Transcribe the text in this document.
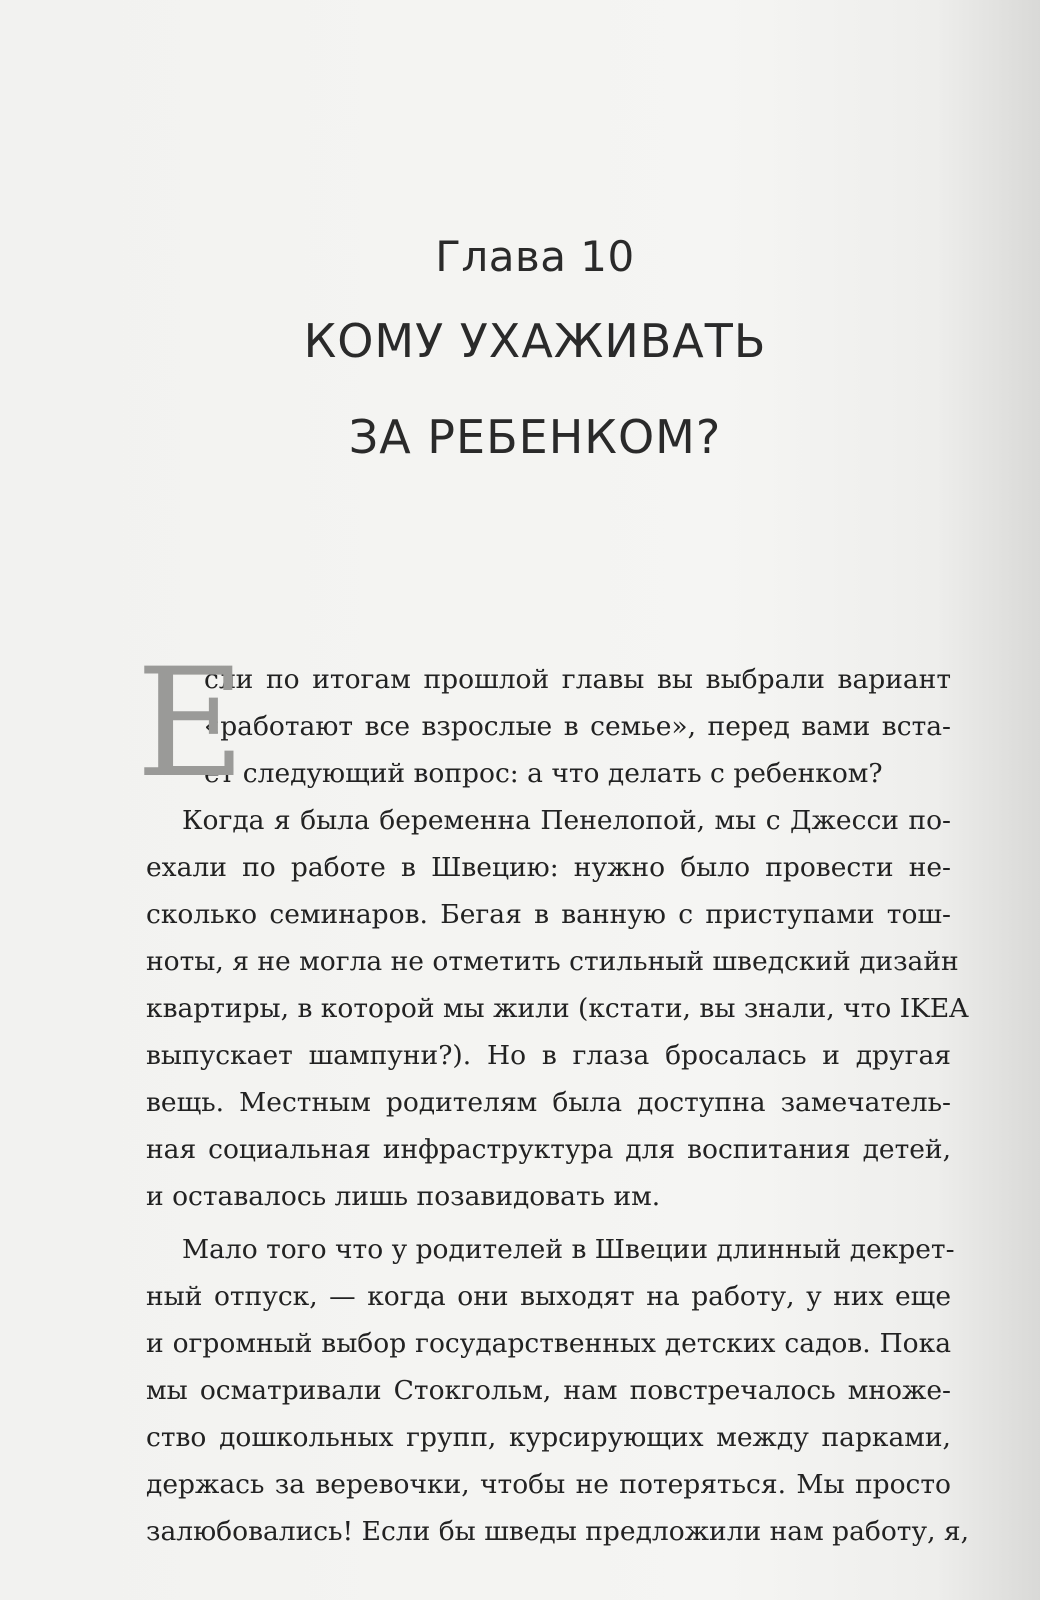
Глава 10
КОМУ УХАЖИВАТЬ
ЗА РЕБЕНКОМ?
Е
сли по итогам прошлой главы вы выбрали вариант
«работают все взрослые в семье», перед вами вста-
ет следующий вопрос: а что делать с ребенком?
Когда я была беременна Пенелопой, мы с Джесси по-
ехали по работе в Швецию: нужно было провести не-
сколько семинаров. Бегая в ванную с приступами тош-
ноты, я не могла не отметить стильный шведский дизайн
квартиры, в которой мы жили (кстати, вы знали, что IKEA
выпускает шампуни?). Но в глаза бросалась и другая
вещь. Местным родителям была доступна замечатель-
ная социальная инфраструктура для воспитания детей,
и оставалось лишь позавидовать им.
Мало того что у родителей в Швеции длинный декрет-
ный отпуск, — когда они выходят на работу, у них еще
и огромный выбор государственных детских садов. Пока
мы осматривали Стокгольм, нам повстречалось множе-
ство дошкольных групп, курсирующих между парками,
держась за веревочки, чтобы не потеряться. Мы просто
залюбовались! Если бы шведы предложили нам работу, я,
